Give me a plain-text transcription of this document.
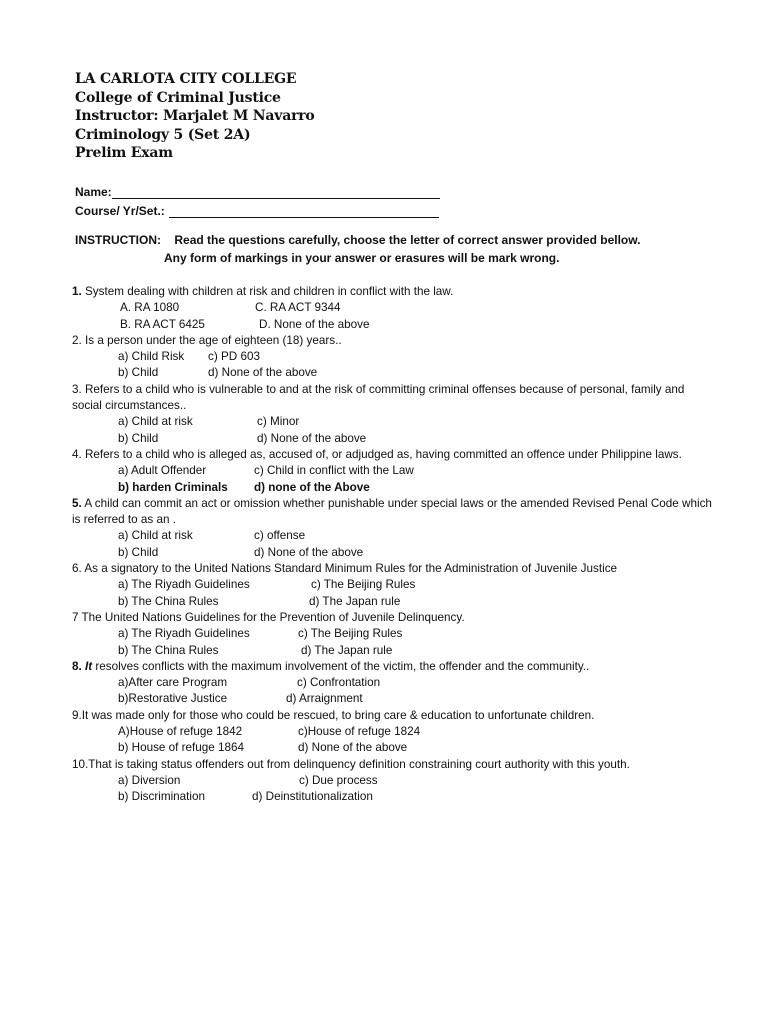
LA CARLOTA CITY COLLEGE
College of Criminal Justice
Instructor: Marjalet M Navarro
Criminology 5 (Set 2A)
Prelim Exam
Name:
Course/ Yr/Set.:
INSTRUCTION: Read the questions carefully, choose the letter of correct answer provided bellow.
Any form of markings in your answer or erasures will be mark wrong.
1. System dealing with children at risk and children in conflict with the law.
A. RA 1080	C. RA ACT 9344
B. RA ACT 6425	D. None of the above
2. Is a person under the age of eighteen (18) years..
a) Child Risk c) PD 603
b) Child	d) None of the above
3. Refers to a child who is vulnerable to and at the risk of committing criminal offenses because of personal, family and social circumstances..
a) Child at risk	c) Minor
b) Child	d) None of the above
4. Refers to a child who is alleged as, accused of, or adjudged as, having committed an offence under Philippine laws.
a) Adult Offender	c) Child in conflict with the Law
b) harden Criminals d) none of the Above
5. A child can commit an act or omission whether punishable under special laws or the amended Revised Penal Code which is referred to as an .
a) Child at risk	c) offense
b) Child	d) None of the above
6. As a signatory to the United Nations Standard Minimum Rules for the Administration of Juvenile Justice
a) The Riyadh Guidelines	c) The Beijing Rules
b) The China Rules	d) The Japan rule
7 The United Nations Guidelines for the Prevention of Juvenile Delinquency.
a) The Riyadh Guidelines	c) The Beijing Rules
b) The China Rules	d) The Japan rule
8. It resolves conflicts with the maximum involvement of the victim, the offender and the community..
a)After care Program	c) Confrontation
b)Restorative Justice	d) Arraignment
9.It was made only for those who could be rescued, to bring care & education to unfortunate children.
A)House of refuge 1842	c)House of refuge 1824
b) House of refuge 1864	d) None of the above
10.That is taking status offenders out from delinquency definition constraining court authority with this youth.
a) Diversion	c) Due process
b) Discrimination	d) Deinstitutionalization
